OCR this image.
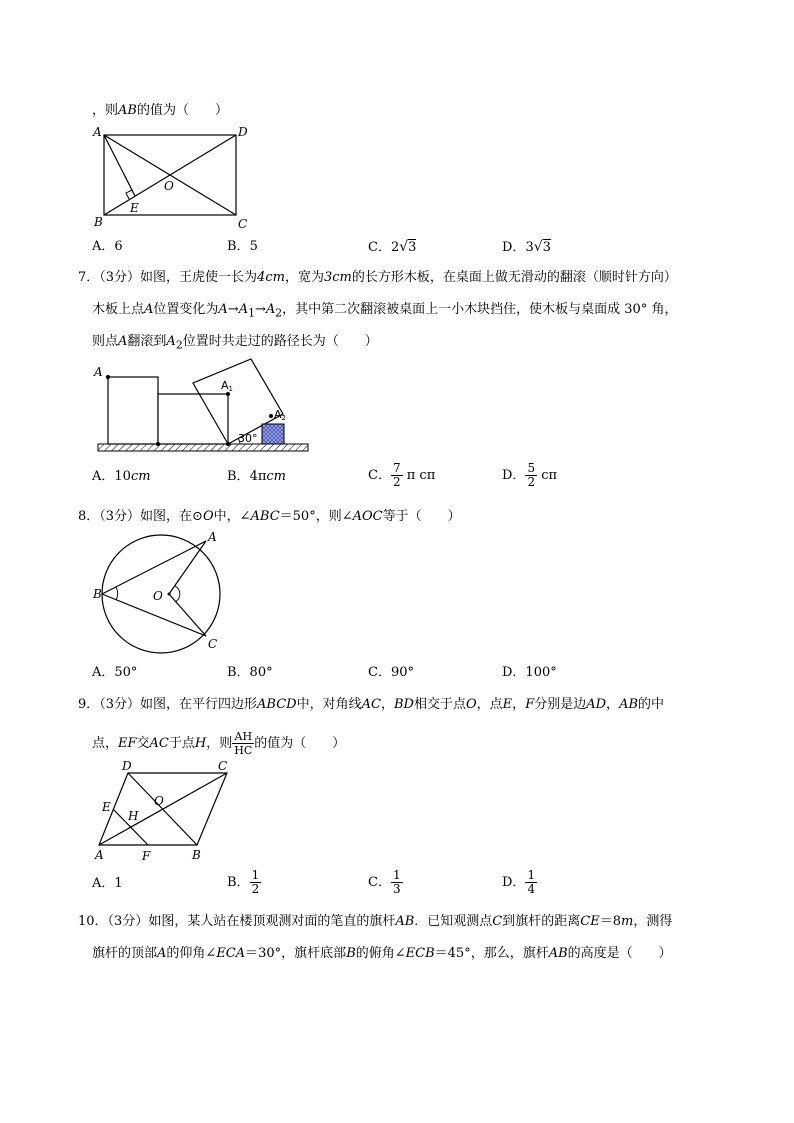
，则AB的值为（　　）
A	D
B	C
E
O
A．6	B．5	C．2√3	D．3√3
7．（3分）如图，王虎使一长为4cm，宽为3cm的长方形木板，在桌面上做无滑动的翻滚（顺时针方向）
木板上点A位置变化为$A\to A_1\to A_2$，其中第二次翻滚被桌面上一小木块挡住，使木板与桌面成 30° 角，
则点A翻滚到$A_2$位置时共走过的路径长为（　　）
A
A1
A2
30°
A．10cm	B．4πcm	C． $\frac{7}{2}$ π cπ	D． $\frac{5}{2}$ cπ
8．（3分）如图，在⊙O中，∠ABC＝50°，则∠AOC等于（　　）
B
A
C
O
A．50°	B．80°	C．90°	D．100°
9．（3分）如图，在平行四边形ABCD中，对角线AC，BD相交于点O，点E，F分别是边AD，AB的中
点，EF交AC于点H，则 $\frac{AH}{HC}$ 的值为（　　）
A	B
C
D
E
F
H
O
A．1	B． $\frac{1}{2}$	C． $\frac{1}{3}$	D． $\frac{1}{4}$
10．（3分）如图，某人站在楼顶观测对面的笔直的旗杆AB．已知观测点C到旗杆的距离CE＝8m，测得
旗杆的顶部A的仰角∠ECA＝30°，旗杆底部B的俯角∠ECB＝45°，那么，旗杆AB的高度是（　　）
